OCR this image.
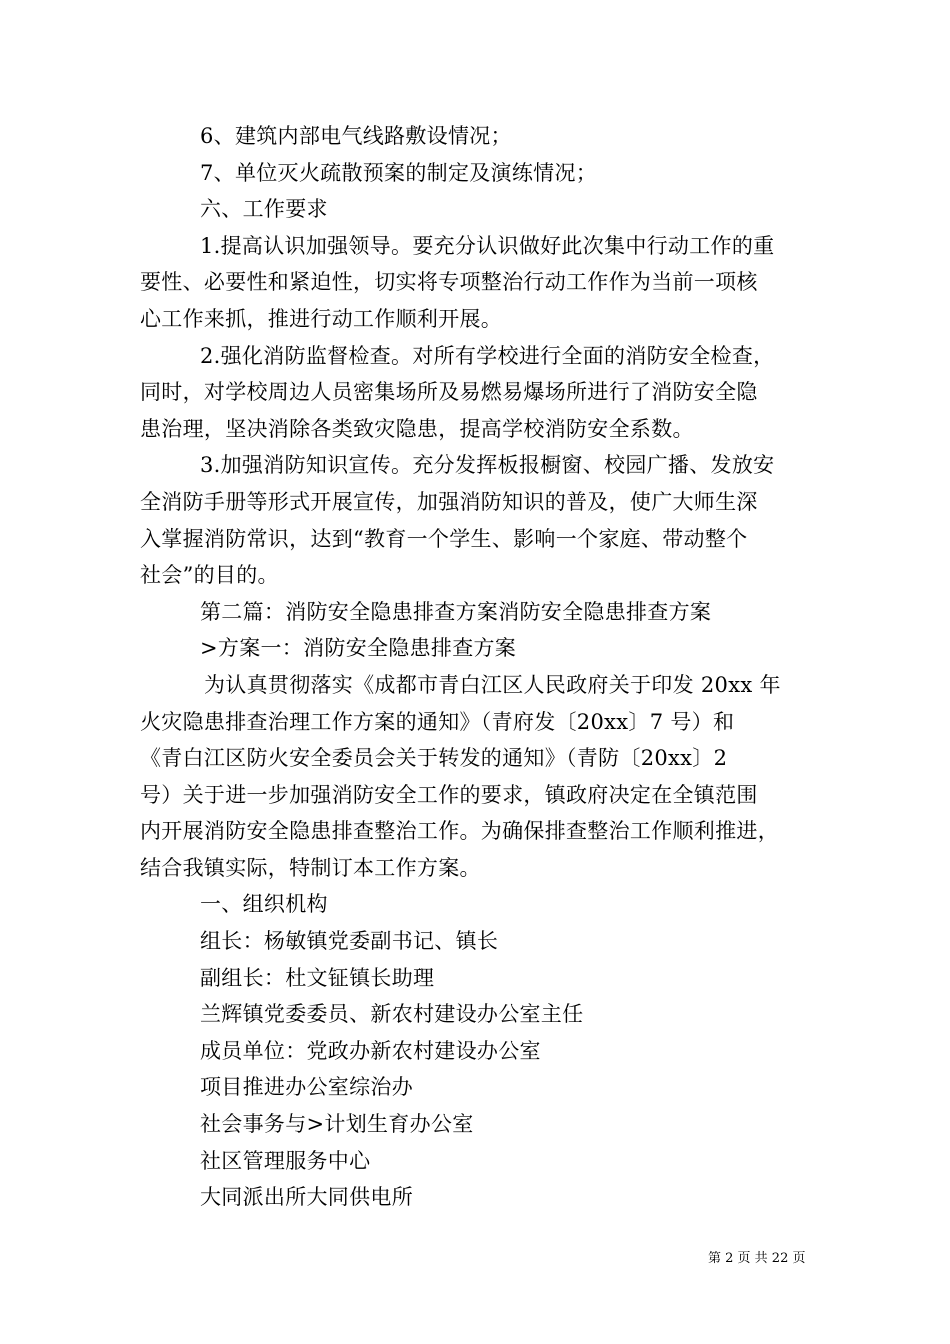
6、建筑内部电气线路敷设情况；
7、单位灭火疏散预案的制定及演练情况；
六、工作要求
1.提高认识加强领导。要充分认识做好此次集中行动工作的重
要性、必要性和紧迫性，切实将专项整治行动工作作为当前一项核
心工作来抓，推进行动工作顺利开展。
2.强化消防监督检查。对所有学校进行全面的消防安全检查，
同时，对学校周边人员密集场所及易燃易爆场所进行了消防安全隐
患治理，坚决消除各类致灾隐患，提高学校消防安全系数。
3.加强消防知识宣传。充分发挥板报橱窗、校园广播、发放安
全消防手册等形式开展宣传，加强消防知识的普及，使广大师生深
入掌握消防常识，达到“教育一个学生、影响一个家庭、带动整个
社会”的目的。
第二篇：消防安全隐患排查方案消防安全隐患排查方案
>方案一：消防安全隐患排查方案
为认真贯彻落实《成都市青白江区人民政府关于印发 20xx 年
火灾隐患排查治理工作方案的通知》（青府发〔20xx〕7 号）和
《青白江区防火安全委员会关于转发的通知》（青防〔20xx〕2
号）关于进一步加强消防安全工作的要求，镇政府决定在全镇范围
内开展消防安全隐患排查整治工作。为确保排查整治工作顺利推进，
结合我镇实际，特制订本工作方案。
一、组织机构
组长：杨敏镇党委副书记、镇长
副组长：杜文钲镇长助理
兰辉镇党委委员、新农村建设办公室主任
成员单位：党政办新农村建设办公室
项目推进办公室综治办
社会事务与>计划生育办公室
社区管理服务中心
大同派出所大同供电所
第 2 页 共 22 页
